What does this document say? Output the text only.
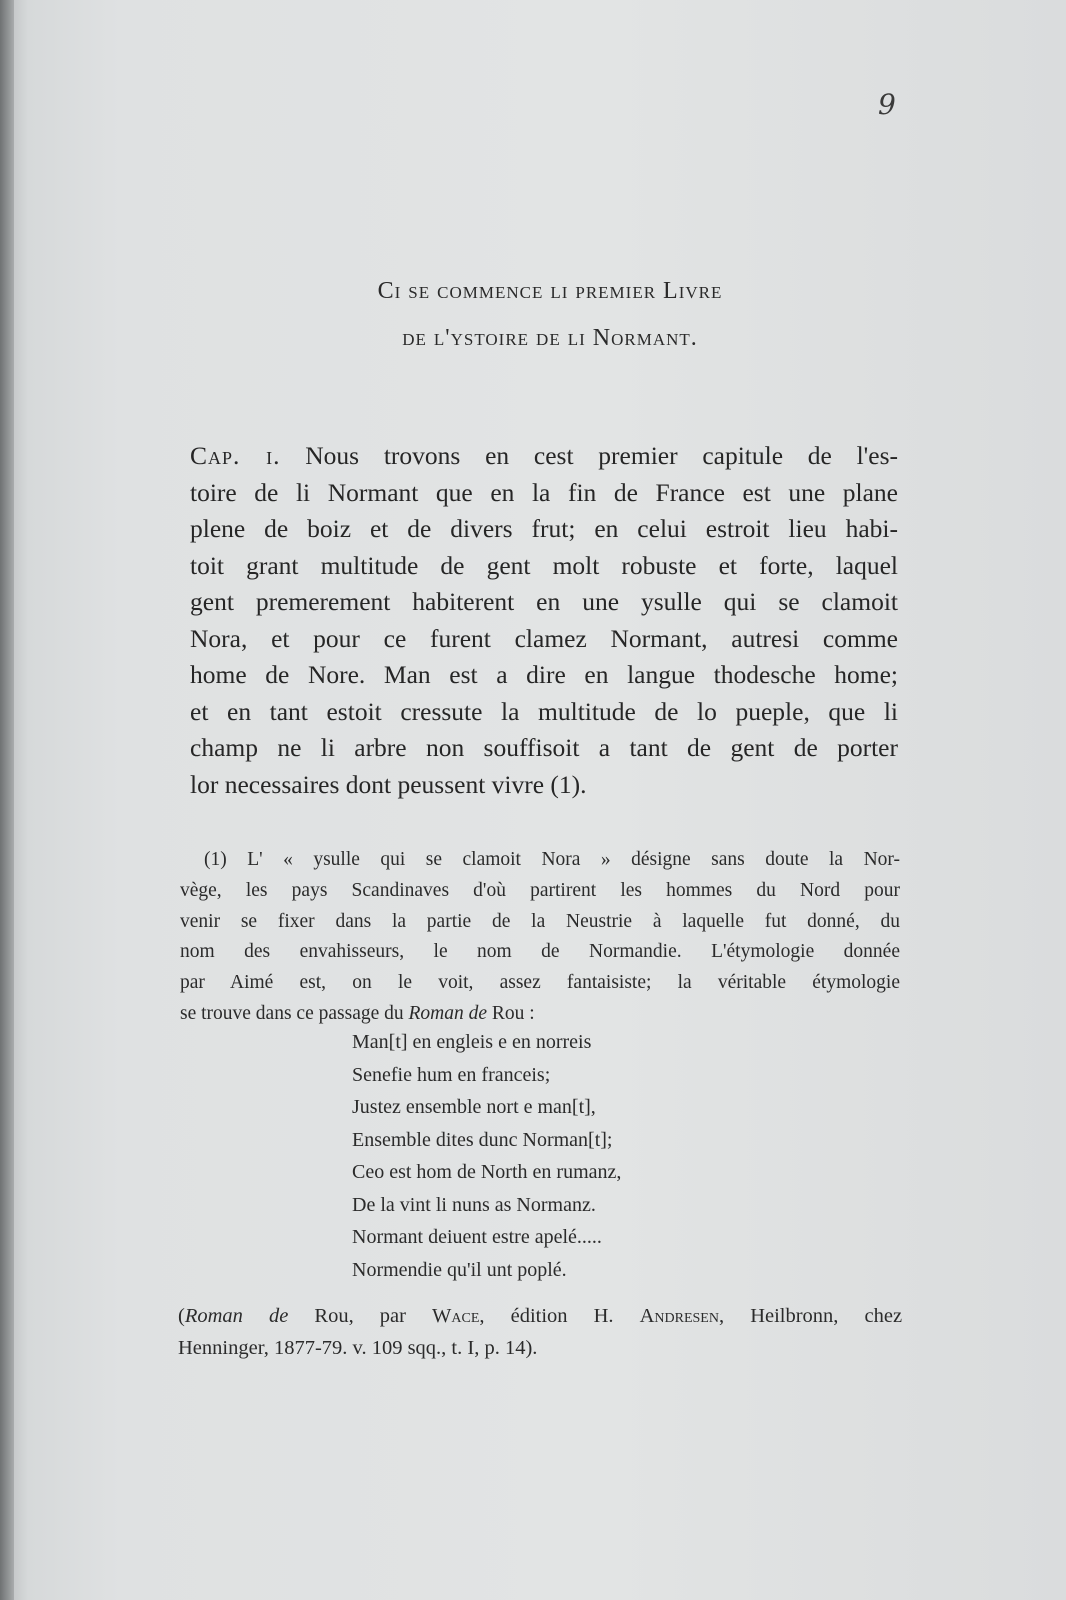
9
Ci se commence li premier Livre
de l'ystoire de li Normant.
Cap. i. Nous trovons en cest premier capitule de l'es-
toire de li Normant que en la fin de France est une plane
plene de boiz et de divers frut; en celui estroit lieu habi-
toit grant multitude de gent molt robuste et forte, laquel
gent premerement habiterent en une ysulle qui se clamoit
Nora, et pour ce furent clamez Normant, autresi comme
home de Nore. Man est a dire en langue thodesche home;
et en tant estoit cressute la multitude de lo pueple, que li
champ ne li arbre non souffisoit a tant de gent de porter
lor necessaires dont peussent vivre (1).
(1) L' « ysulle qui se clamoit Nora » désigne sans doute la Nor-
vège, les pays Scandinaves d'où partirent les hommes du Nord pour
venir se fixer dans la partie de la Neustrie à laquelle fut donné, du
nom des envahisseurs, le nom de Normandie. L'étymologie donnée
par Aimé est, on le voit, assez fantaisiste; la véritable étymologie
se trouve dans ce passage du Roman de Rou :
Man[t] en engleis e en norreis
Senefie hum en franceis;
Justez ensemble nort e man[t],
Ensemble dites dunc Norman[t];
Ceo est hom de North en rumanz,
De la vint li nuns as Normanz.
Normant deiuent estre apelé.....
Normendie qu'il unt poplé.
(Roman de Rou, par Wace, édition H. Andresen, Heilbronn, chez
Henninger, 1877-79. v. 109 sqq., t. I, p. 14).
